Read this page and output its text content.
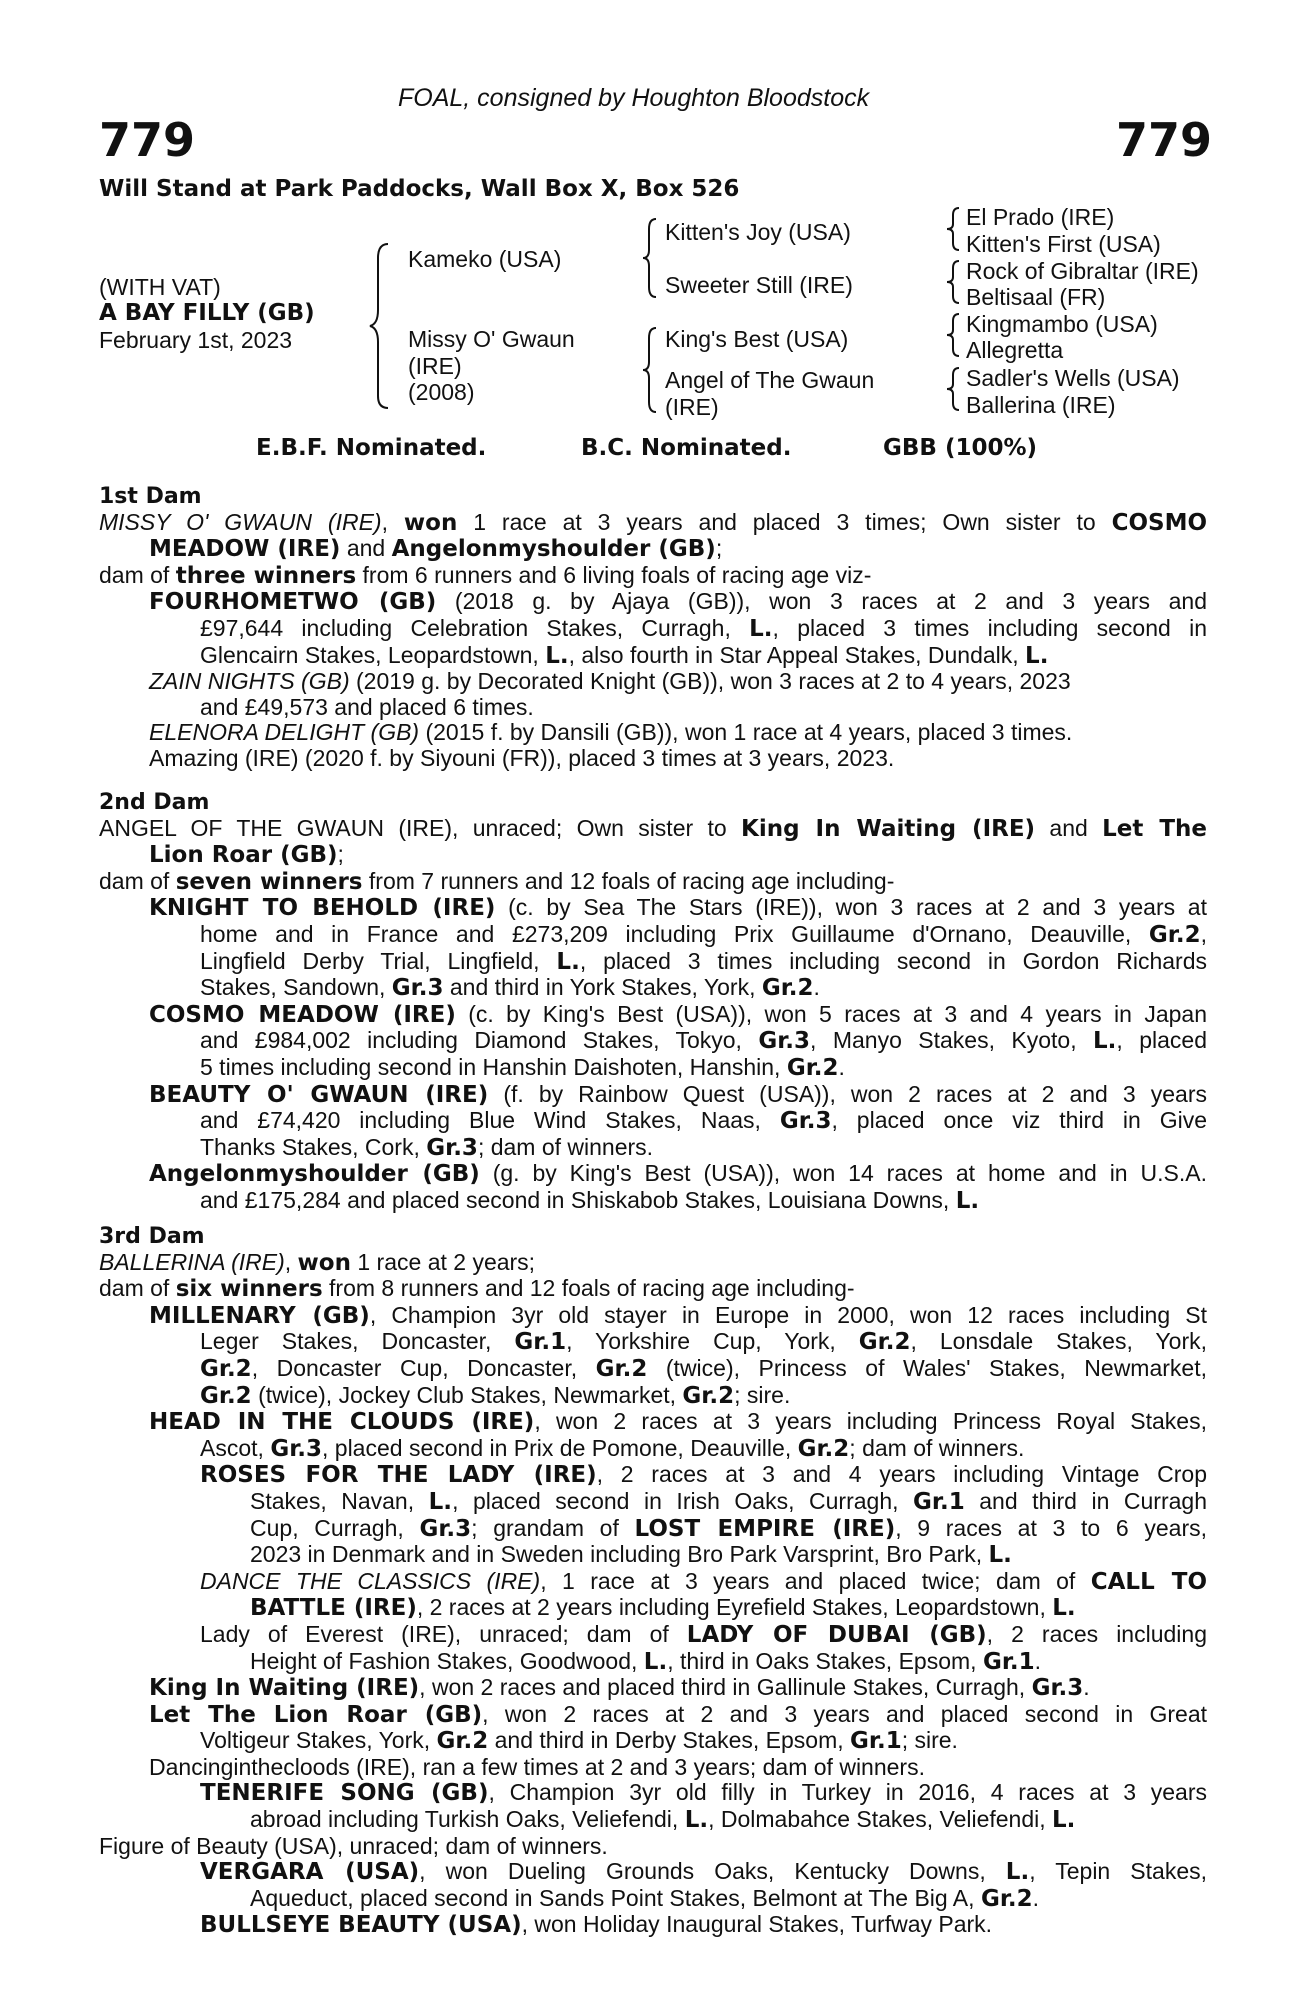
FOAL, consigned by Houghton Bloodstock
779	779
Will Stand at Park Paddocks, Wall Box X, Box 526
(WITH VAT)
A BAY FILLY (GB)
February 1st, 2023
Kameko (USA)
Missy O' Gwaun
(IRE)
(2008)
Kitten's Joy (USA)
Sweeter Still (IRE)
King's Best (USA)
Angel of The Gwaun
(IRE)
El Prado (IRE)
Kitten's First (USA)
Rock of Gibraltar (IRE)
Beltisaal (FR)
Kingmambo (USA)
Allegretta
Sadler's Wells (USA)
Ballerina (IRE)
E.B.F. Nominated.	B.C. Nominated.	GBB (100%)

1st Dam

MISSY O' GWAUN (IRE), won 1 race at 3 years and placed 3 times; Own sister to COSMO

MEADOW (IRE) and Angelonmyshoulder (GB);

dam of three winners from 6 runners and 6 living foals of racing age viz-

FOURHOMETWO (GB) (2018 g. by Ajaya (GB)), won 3 races at 2 and 3 years and

£97,644 including Celebration Stakes, Curragh, L., placed 3 times including second in

Glencairn Stakes, Leopardstown, L., also fourth in Star Appeal Stakes, Dundalk, L.

ZAIN NIGHTS (GB) (2019 g. by Decorated Knight (GB)), won 3 races at 2 to 4 years, 2023

and £49,573 and placed 6 times.

ELENORA DELIGHT (GB) (2015 f. by Dansili (GB)), won 1 race at 4 years, placed 3 times.

Amazing (IRE) (2020 f. by Siyouni (FR)), placed 3 times at 3 years, 2023.

2nd Dam

ANGEL OF THE GWAUN (IRE), unraced; Own sister to King In Waiting (IRE) and Let The

Lion Roar (GB);

dam of seven winners from 7 runners and 12 foals of racing age including-

KNIGHT TO BEHOLD (IRE) (c. by Sea The Stars (IRE)), won 3 races at 2 and 3 years at

home and in France and £273,209 including Prix Guillaume d'Ornano, Deauville, Gr.2,

Lingfield Derby Trial, Lingfield, L., placed 3 times including second in Gordon Richards

Stakes, Sandown, Gr.3 and third in York Stakes, York, Gr.2.

COSMO MEADOW (IRE) (c. by King's Best (USA)), won 5 races at 3 and 4 years in Japan

and £984,002 including Diamond Stakes, Tokyo, Gr.3, Manyo Stakes, Kyoto, L., placed

5 times including second in Hanshin Daishoten, Hanshin, Gr.2.

BEAUTY O' GWAUN (IRE) (f. by Rainbow Quest (USA)), won 2 races at 2 and 3 years

and £74,420 including Blue Wind Stakes, Naas, Gr.3, placed once viz third in Give

Thanks Stakes, Cork, Gr.3; dam of winners.

Angelonmyshoulder (GB) (g. by King's Best (USA)), won 14 races at home and in U.S.A.

and £175,284 and placed second in Shiskabob Stakes, Louisiana Downs, L.

3rd Dam

BALLERINA (IRE), won 1 race at 2 years;

dam of six winners from 8 runners and 12 foals of racing age including-

MILLENARY (GB), Champion 3yr old stayer in Europe in 2000, won 12 races including St

Leger Stakes, Doncaster, Gr.1, Yorkshire Cup, York, Gr.2, Lonsdale Stakes, York,

Gr.2, Doncaster Cup, Doncaster, Gr.2 (twice), Princess of Wales' Stakes, Newmarket,

Gr.2 (twice), Jockey Club Stakes, Newmarket, Gr.2; sire.

HEAD IN THE CLOUDS (IRE), won 2 races at 3 years including Princess Royal Stakes,

Ascot, Gr.3, placed second in Prix de Pomone, Deauville, Gr.2; dam of winners.

ROSES FOR THE LADY (IRE), 2 races at 3 and 4 years including Vintage Crop

Stakes, Navan, L., placed second in Irish Oaks, Curragh, Gr.1 and third in Curragh

Cup, Curragh, Gr.3; grandam of LOST EMPIRE (IRE), 9 races at 3 to 6 years,

2023 in Denmark and in Sweden including Bro Park Varsprint, Bro Park, L.

DANCE THE CLASSICS (IRE), 1 race at 3 years and placed twice; dam of CALL TO

BATTLE (IRE), 2 races at 2 years including Eyrefield Stakes, Leopardstown, L.

Lady of Everest (IRE), unraced; dam of LADY OF DUBAI (GB), 2 races including

Height of Fashion Stakes, Goodwood, L., third in Oaks Stakes, Epsom, Gr.1.

King In Waiting (IRE), won 2 races and placed third in Gallinule Stakes, Curragh, Gr.3.

Let The Lion Roar (GB), won 2 races at 2 and 3 years and placed second in Great

Voltigeur Stakes, York, Gr.2 and third in Derby Stakes, Epsom, Gr.1; sire.

Dancinginthecloods (IRE), ran a few times at 2 and 3 years; dam of winners.

TENERIFE SONG (GB), Champion 3yr old filly in Turkey in 2016, 4 races at 3 years

abroad including Turkish Oaks, Veliefendi, L., Dolmabahce Stakes, Veliefendi, L.

Figure of Beauty (USA), unraced; dam of winners.

VERGARA (USA), won Dueling Grounds Oaks, Kentucky Downs, L., Tepin Stakes,

Aqueduct, placed second in Sands Point Stakes, Belmont at The Big A, Gr.2.

BULLSEYE BEAUTY (USA), won Holiday Inaugural Stakes, Turfway Park.
